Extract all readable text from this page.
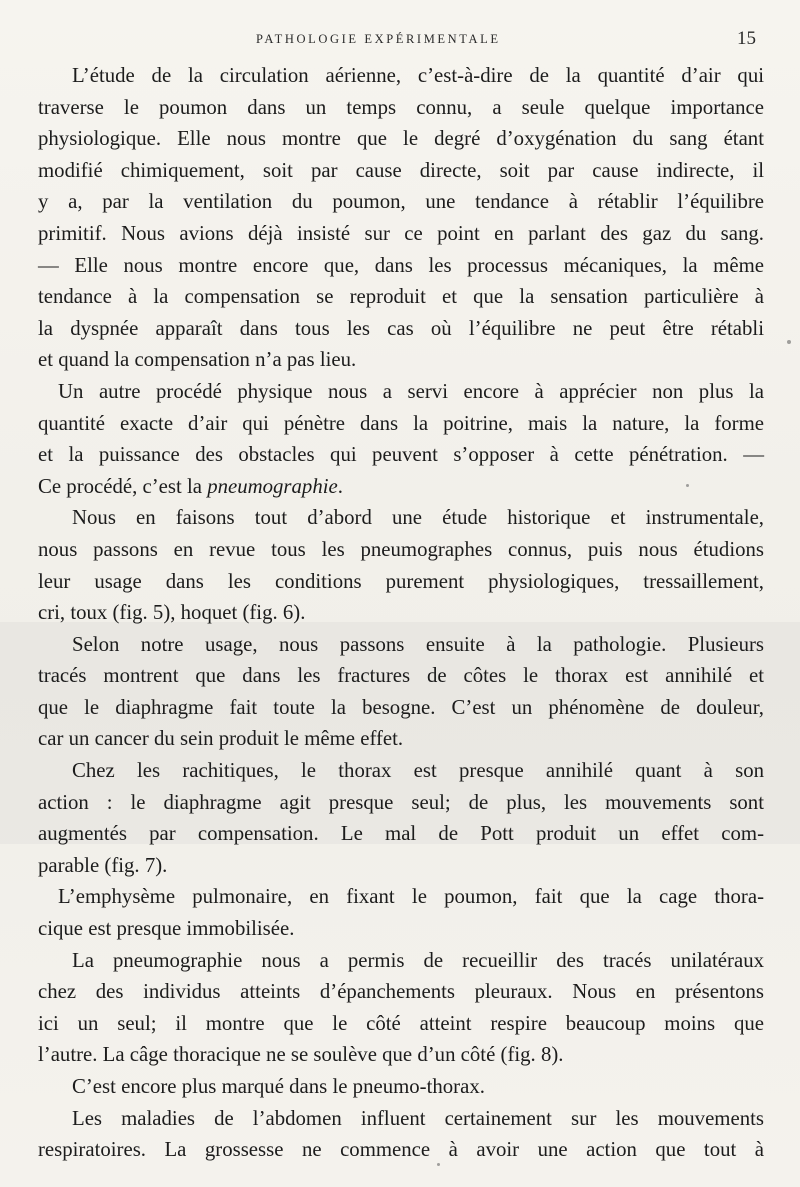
PATHOLOGIE EXPÉRIMENTALE	15
L’étude de la circulation aérienne, c’est-à-dire de la quantité d’air qui
traverse le poumon dans un temps connu, a seule quelque importance
physiologique. Elle nous montre que le degré d’oxygénation du sang étant
modifié chimiquement, soit par cause directe, soit par cause indirecte, il
y a, par la ventilation du poumon, une tendance à rétablir l’équilibre
primitif. Nous avions déjà insisté sur ce point en parlant des gaz du sang.
— Elle nous montre encore que, dans les processus mécaniques, la même
tendance à la compensation se reproduit et que la sensation particulière à
la dyspnée apparaît dans tous les cas où l’équilibre ne peut être rétabli
et quand la compensation n’a pas lieu.
Un autre procédé physique nous a servi encore à apprécier non plus la
quantité exacte d’air qui pénètre dans la poitrine, mais la nature, la forme
et la puissance des obstacles qui peuvent s’opposer à cette pénétration. —
Ce procédé, c’est la pneumographie.
Nous en faisons tout d’abord une étude historique et instrumentale,
nous passons en revue tous les pneumographes connus, puis nous étudions
leur usage dans les conditions purement physiologiques, tressaillement,
cri, toux (fig. 5), hoquet (fig. 6).
Selon notre usage, nous passons ensuite à la pathologie. Plusieurs
tracés montrent que dans les fractures de côtes le thorax est annihilé et
que le diaphragme fait toute la besogne. C’est un phénomène de douleur,
car un cancer du sein produit le même effet.
Chez les rachitiques, le thorax est presque annihilé quant à son
action : le diaphragme agit presque seul; de plus, les mouvements sont
augmentés par compensation. Le mal de Pott produit un effet com-
parable (fig. 7).
L’emphysème pulmonaire, en fixant le poumon, fait que la cage thora-
cique est presque immobilisée.
La pneumographie nous a permis de recueillir des tracés unilatéraux
chez des individus atteints d’épanchements pleuraux. Nous en présentons
ici un seul; il montre que le côté atteint respire beaucoup moins que
l’autre. La câge thoracique ne se soulève que d’un côté (fig. 8).
C’est encore plus marqué dans le pneumo-thorax.
Les maladies de l’abdomen influent certainement sur les mouvements
respiratoires. La grossesse ne commence à avoir une action que tout à
